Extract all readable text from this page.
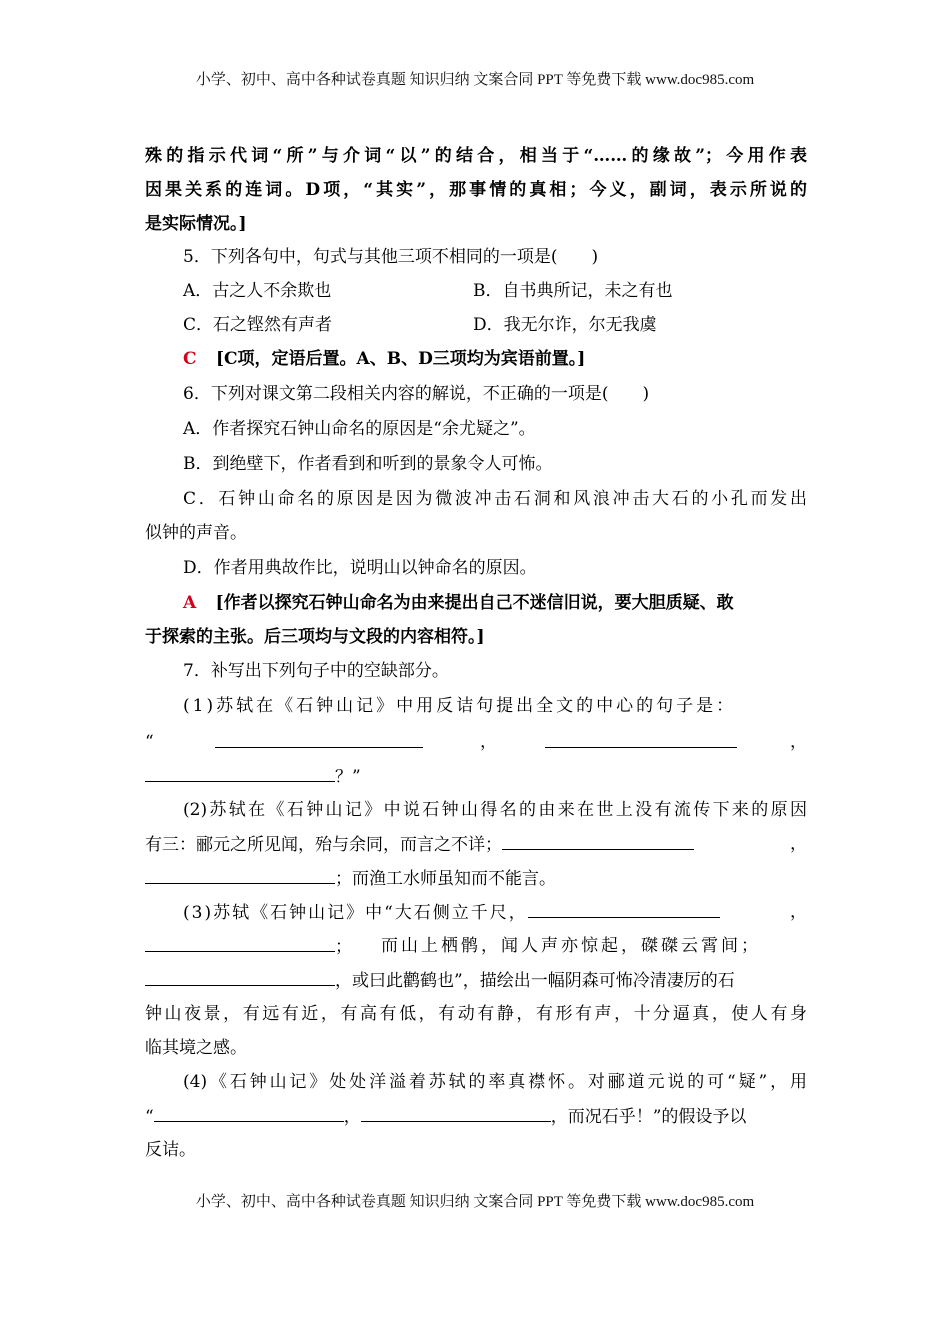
小学、初中、高中各种试卷真题 知识归纳 文案合同 PPT 等免费下载 www.doc985.com
殊的指示代词“所”与介词“以”的结合，相当于“……的缘故”；今用作表
因果关系的连词。D项，“其实”，那事情的真相；今义，副词，表示所说的
是实际情况。]
5．下列各句中，句式与其他三项不相同的一项是(　　)
A．古之人不余欺也	B．自书典所记，未之有也
C．石之铿然有声者	D．我无尔诈，尔无我虞
C [C项，定语后置。A、B、D三项均为宾语前置。]
6．下列对课文第二段相关内容的解说，不正确的一项是(　　)
A．作者探究石钟山命名的原因是“余尤疑之”。
B．到绝壁下，作者看到和听到的景象令人可怖。
C．石钟山命名的原因是因为微波冲击石洞和风浪冲击大石的小孔而发出
似钟的声音。
D．作者用典故作比，说明山以钟命名的原因。
A [作者以探究石钟山命名为由来提出自己不迷信旧说，要大胆质疑、敢
于探索的主张。后三项均与文段的内容相符。]
7．补写出下列句子中的空缺部分。
(1)苏轼在《石钟山记》中用反诘句提出全文的中心的句子是：
“	，	，
？”
(2)苏轼在《石钟山记》中说石钟山得名的由来在世上没有流传下来的原因
有三：郦元之所见闻，殆与余同，而言之不详；	，
；而渔工水师虽知而不能言。
(3)苏轼《石钟山记》中“大石侧立千尺，	，
； 而山上栖鹘，闻人声亦惊起，磔磔云霄间；
，或曰此鹳鹤也”，描绘出一幅阴森可怖冷清凄厉的石
钟山夜景，有远有近，有高有低，有动有静，有形有声，十分逼真，使人有身
临其境之感。
(4)《石钟山记》处处洋溢着苏轼的率真襟怀。对郦道元说的可“疑”，用
“	，	，而况石乎！”的假设予以
反诘。
小学、初中、高中各种试卷真题 知识归纳 文案合同 PPT 等免费下载 www.doc985.com
